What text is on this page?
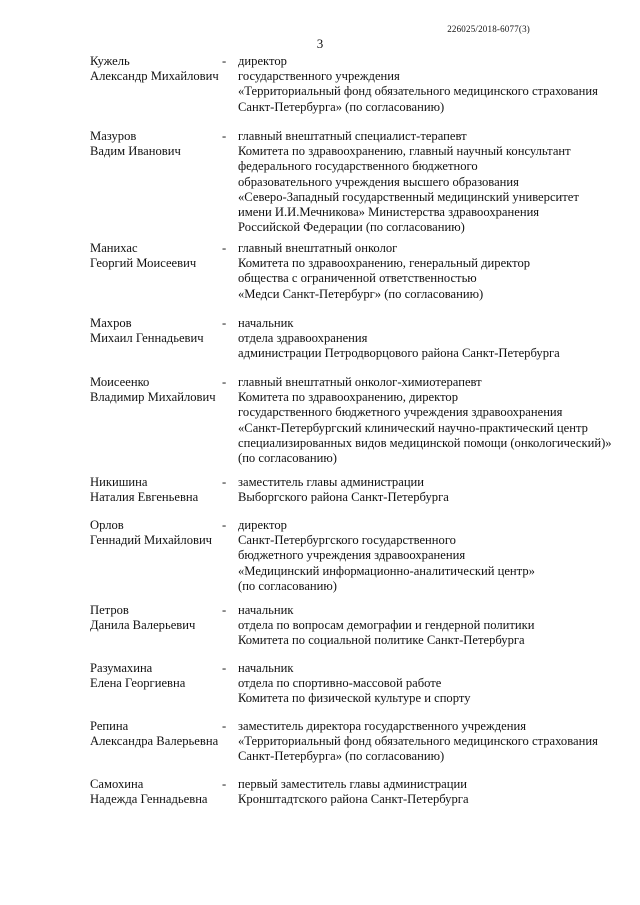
226025/2018-6077(3)
3
Кужель
Александр Михайлович
- директор
государственного учреждения
«Территориальный фонд обязательного медицинского страхования
Санкт-Петербурга» (по согласованию)
Мазуров
Вадим Иванович
- главный внештатный специалист-терапевт
Комитета по здравоохранению, главный научный консультант
федерального государственного бюджетного
образовательного учреждения высшего образования
«Северо-Западный государственный медицинский университет
имени И.И.Мечникова» Министерства здравоохранения
Российской Федерации (по согласованию)
Манихас
Георгий Моисеевич
- главный внештатный онколог
Комитета по здравоохранению, генеральный директор
общества с ограниченной ответственностью
«Медси Санкт-Петербург» (по согласованию)
Махров
Михаил Геннадьевич
- начальник
отдела здравоохранения
администрации Петродворцового района Санкт-Петербурга
Моисеенко
Владимир Михайлович
- главный внештатный онколог-химиотерапевт
Комитета по здравоохранению, директор
государственного бюджетного учреждения здравоохранения
«Санкт-Петербургский клинический научно-практический центр
специализированных видов медицинской помощи (онкологический)»
(по согласованию)
Никишина
Наталия Евгеньевна
- заместитель главы администрации
Выборгского района Санкт-Петербурга
Орлов
Геннадий Михайлович
- директор
Санкт-Петербургского государственного
бюджетного учреждения здравоохранения
«Медицинский информационно-аналитический центр»
(по согласованию)
Петров
Данила Валерьевич
- начальник
отдела по вопросам демографии и гендерной политики
Комитета по социальной политике Санкт-Петербурга
Разумахина
Елена Георгиевна
- начальник
отдела по спортивно-массовой работе
Комитета по физической культуре и спорту
Репина
Александра Валерьевна
- заместитель директора государственного учреждения
«Территориальный фонд обязательного медицинского страхования
Санкт-Петербурга» (по согласованию)
Самохина
Надежда Геннадьевна
- первый заместитель главы администрации
Кронштадтского района Санкт-Петербурга
